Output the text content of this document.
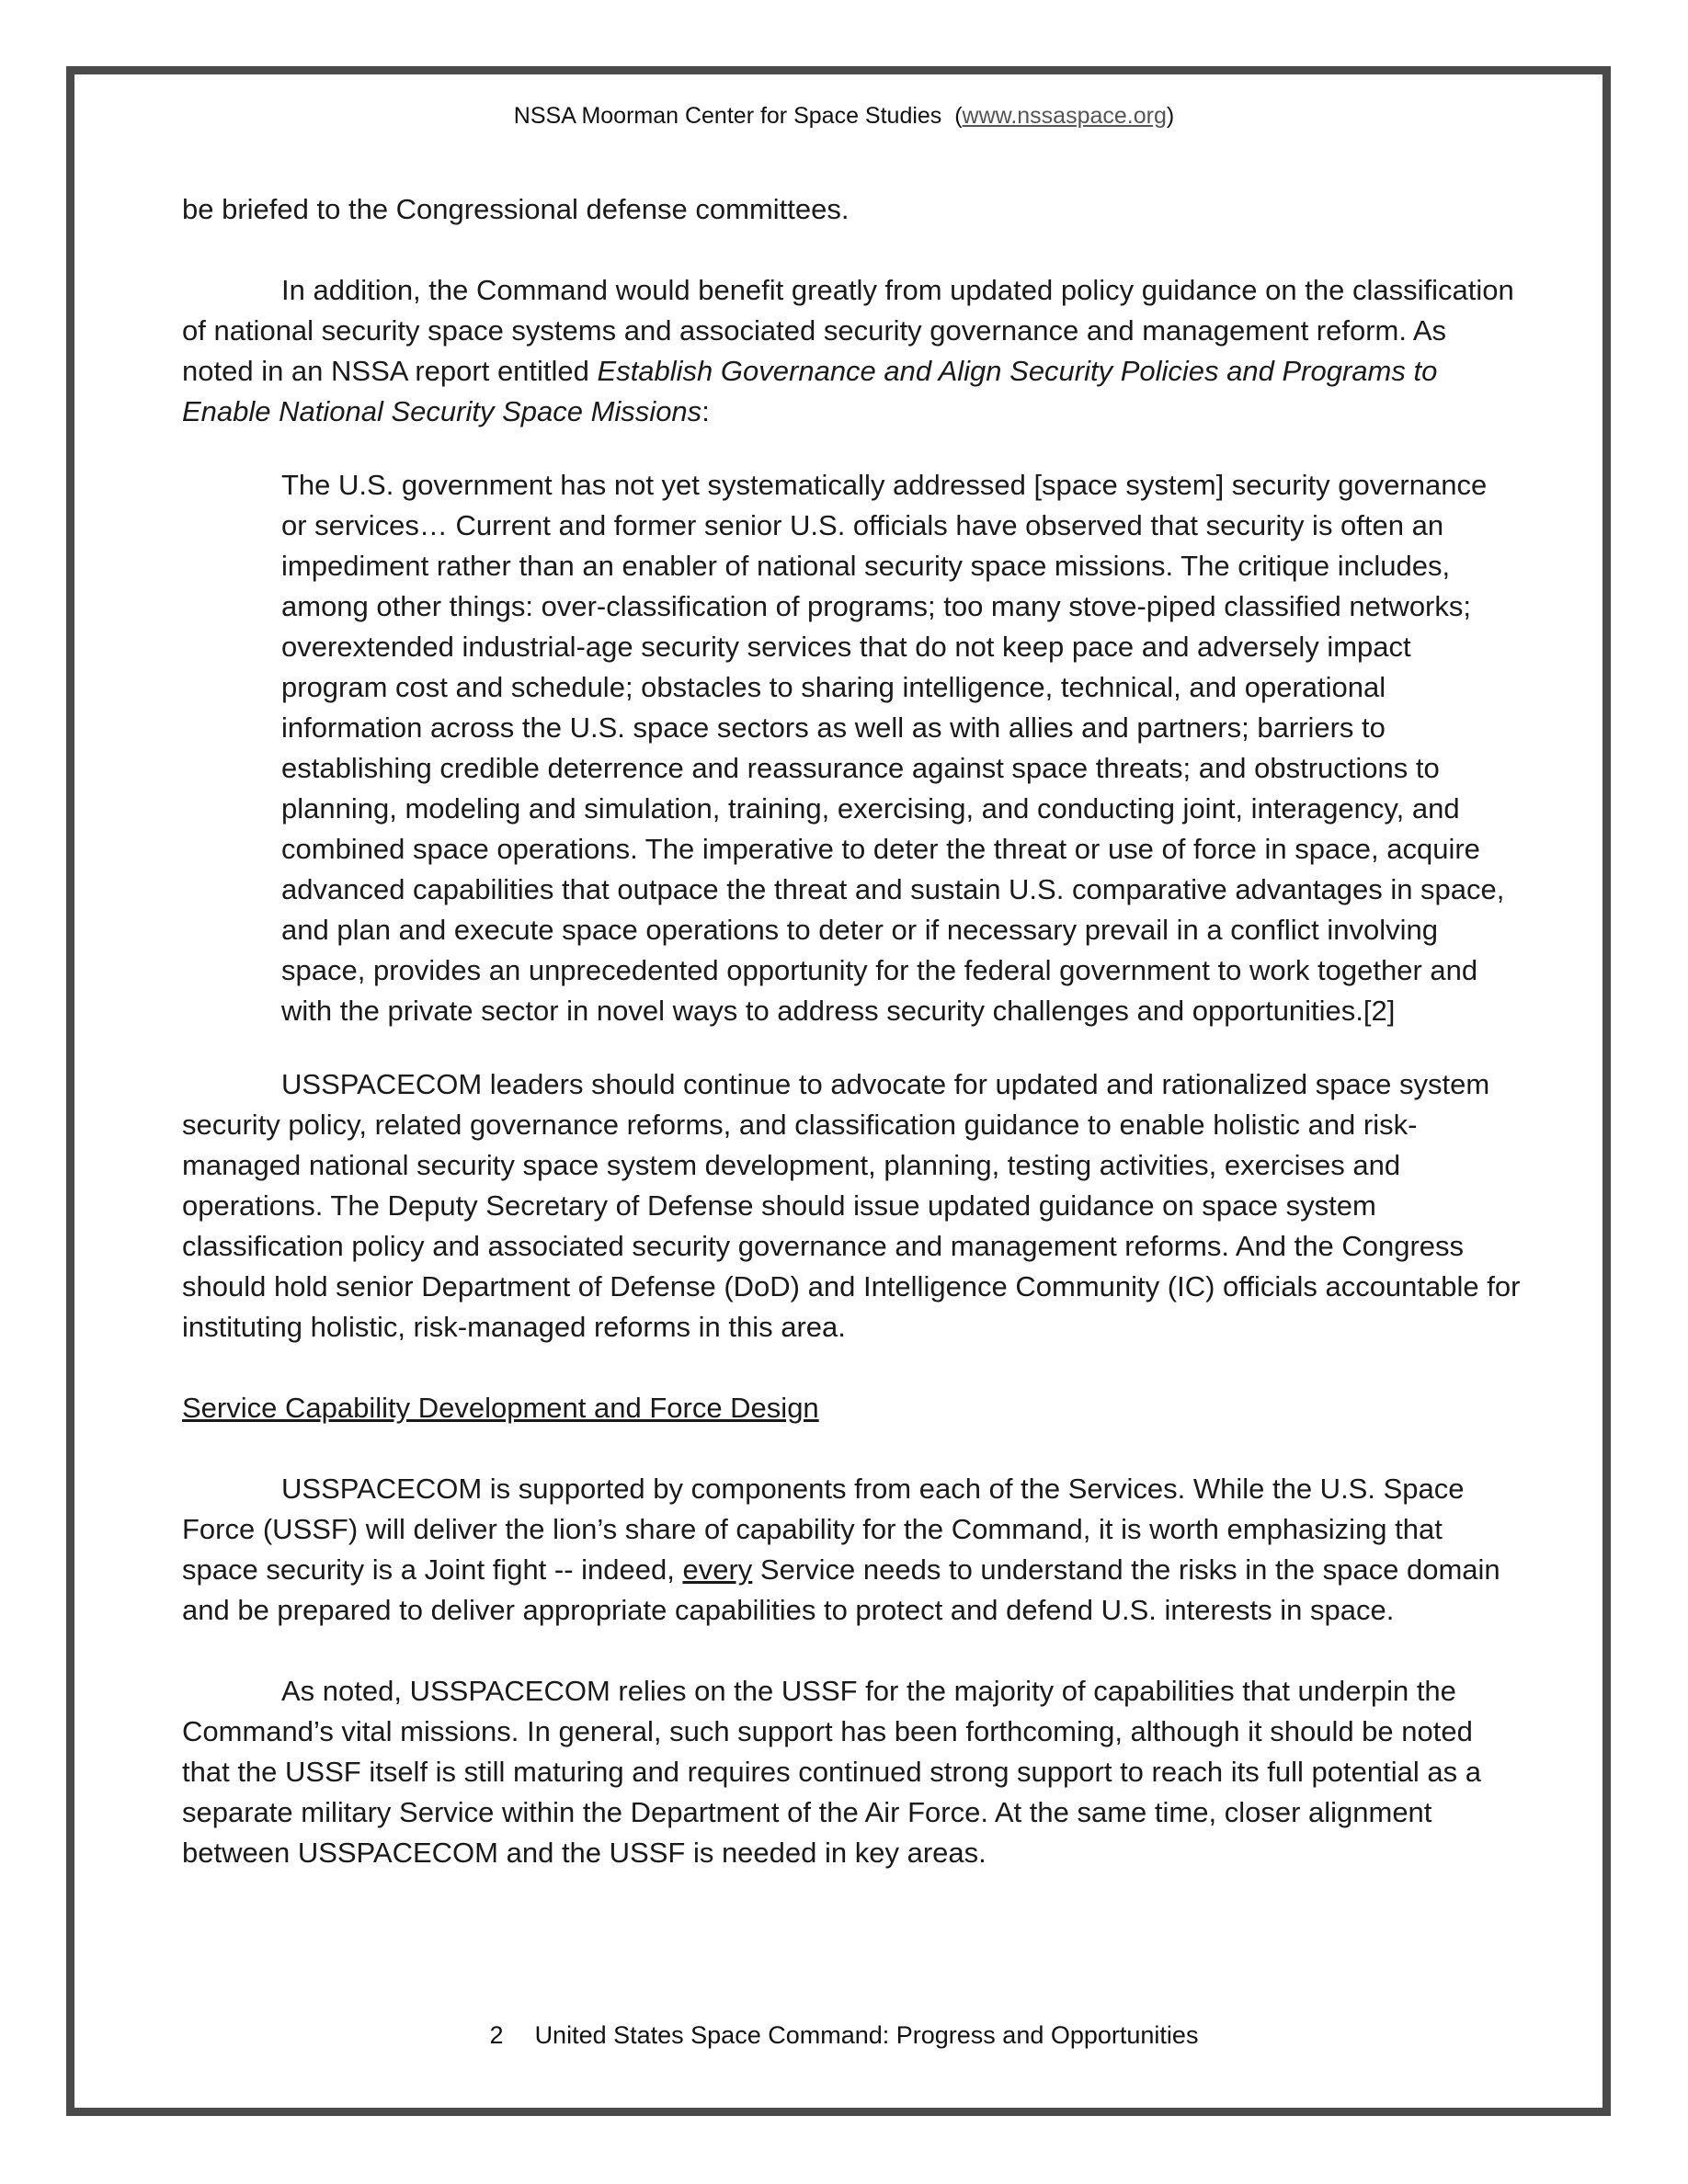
NSSA Moorman Center for Space Studies (www.nssaspace.org)

be briefed to the Congressional defense committees.

In addition, the Command would benefit greatly from updated policy guidance on the classification of national security space systems and associated security governance and management reform. As noted in an NSSA report entitled Establish Governance and Align Security Policies and Programs to Enable National Security Space Missions:

The U.S. government has not yet systematically addressed [space system] security governance or services… Current and former senior U.S. officials have observed that security is often an impediment rather than an enabler of national security space missions. The critique includes, among other things: over-classification of programs; too many stove-piped classified networks; overextended industrial-age security services that do not keep pace and adversely impact program cost and schedule; obstacles to sharing intelligence, technical, and operational information across the U.S. space sectors as well as with allies and partners; barriers to establishing credible deterrence and reassurance against space threats; and obstructions to planning, modeling and simulation, training, exercising, and conducting joint, interagency, and combined space operations. The imperative to deter the threat or use of force in space, acquire advanced capabilities that outpace the threat and sustain U.S. comparative advantages in space, and plan and execute space operations to deter or if necessary prevail in a conflict involving space, provides an unprecedented opportunity for the federal government to work together and with the private sector in novel ways to address security challenges and opportunities.[2]

USSPACECOM leaders should continue to advocate for updated and rationalized space system security policy, related governance reforms, and classification guidance to enable holistic and risk-managed national security space system development, planning, testing activities, exercises and operations. The Deputy Secretary of Defense should issue updated guidance on space system classification policy and associated security governance and management reforms. And the Congress should hold senior Department of Defense (DoD) and Intelligence Community (IC) officials accountable for instituting holistic, risk-managed reforms in this area.

Service Capability Development and Force Design

USSPACECOM is supported by components from each of the Services. While the U.S. Space Force (USSF) will deliver the lion’s share of capability for the Command, it is worth emphasizing that space security is a Joint fight -- indeed, every Service needs to understand the risks in the space domain and be prepared to deliver appropriate capabilities to protect and defend U.S. interests in space.

As noted, USSPACECOM relies on the USSF for the majority of capabilities that underpin the Command’s vital missions. In general, such support has been forthcoming, although it should be noted that the USSF itself is still maturing and requires continued strong support to reach its full potential as a separate military Service within the Department of the Air Force. At the same time, closer alignment between USSPACECOM and the USSF is needed in key areas.

2 United States Space Command: Progress and Opportunities
